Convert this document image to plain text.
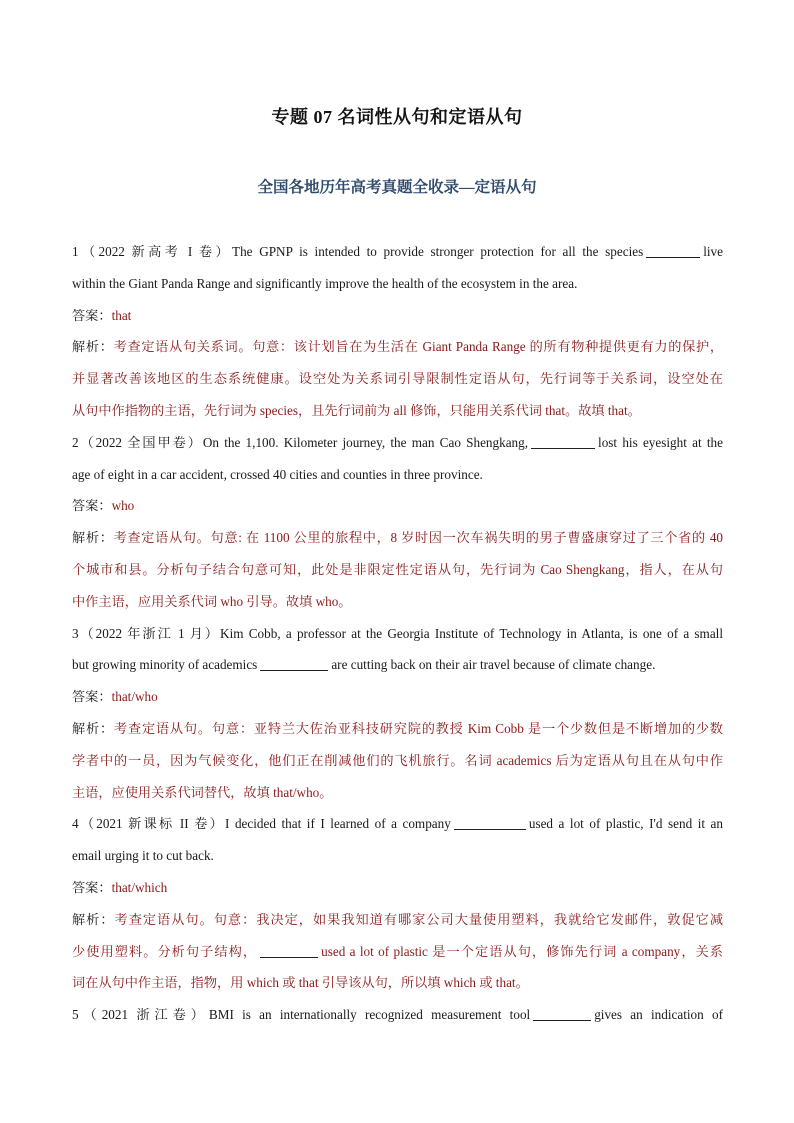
专题 07 名词性从句和定语从句
全国各地历年高考真题全收录—定语从句
1（2022 新高考 I 卷）The GPNP is intended to provide stronger protection for all the species	live
within the Giant Panda Range and significantly improve the health of the ecosystem in the area.
答案：that
解析：考查定语从句关系词。句意：该计划旨在为生活在 Giant Panda Range 的所有物种提供更有力的保护，
并显著改善该地区的生态系统健康。设空处为关系词引导限制性定语从句，先行词等于关系词，设空处在
从句中作指物的主语，先行词为 species，且先行词前为 all 修饰，只能用关系代词 that。故填 that。
2（2022 全国甲卷）On the 1,100. Kilometer journey, the man Cao Shengkang,	lost his eyesight at the
age of eight in a car accident, crossed 40 cities and counties in three province.
答案：who
解析：考查定语从句。句意: 在 1100 公里的旅程中，8 岁时因一次车祸失明的男子曹盛康穿过了三个省的 40
个城市和县。分析句子结合句意可知，此处是非限定性定语从句，先行词为 Cao Shengkang，指人，在从句
中作主语，应用关系代词 who 引导。故填 who。
3（2022 年浙江 1 月）Kim Cobb, a professor at the Georgia Institute of Technology in Atlanta, is one of a small
but growing minority of academics	are cutting back on their air travel because of climate change.
答案：that/who
解析：考查定语从句。句意：亚特兰大佐治亚科技研究院的教授 Kim Cobb 是一个少数但是不断增加的少数
学者中的一员，因为气候变化，他们正在削减他们的飞机旅行。名词 academics 后为定语从句且在从句中作
主语，应使用关系代词替代，故填 that/who。
4（2021 新课标 II 卷）I decided that if I learned of a company	used a lot of plastic, I'd send it an
email urging it to cut back.
答案：that/which
解析：考查定语从句。句意：我决定，如果我知道有哪家公司大量使用塑料，我就给它发邮件，敦促它减
少使用塑料。分析句子结构，	used a lot of plastic 是一个定语从句，修饰先行词 a company，关系
词在从句中作主语，指物，用 which 或 that 引导该从句，所以填 which 或 that。
5（2021 浙江卷）BMI is an internationally recognized measurement tool	gives an indication of
